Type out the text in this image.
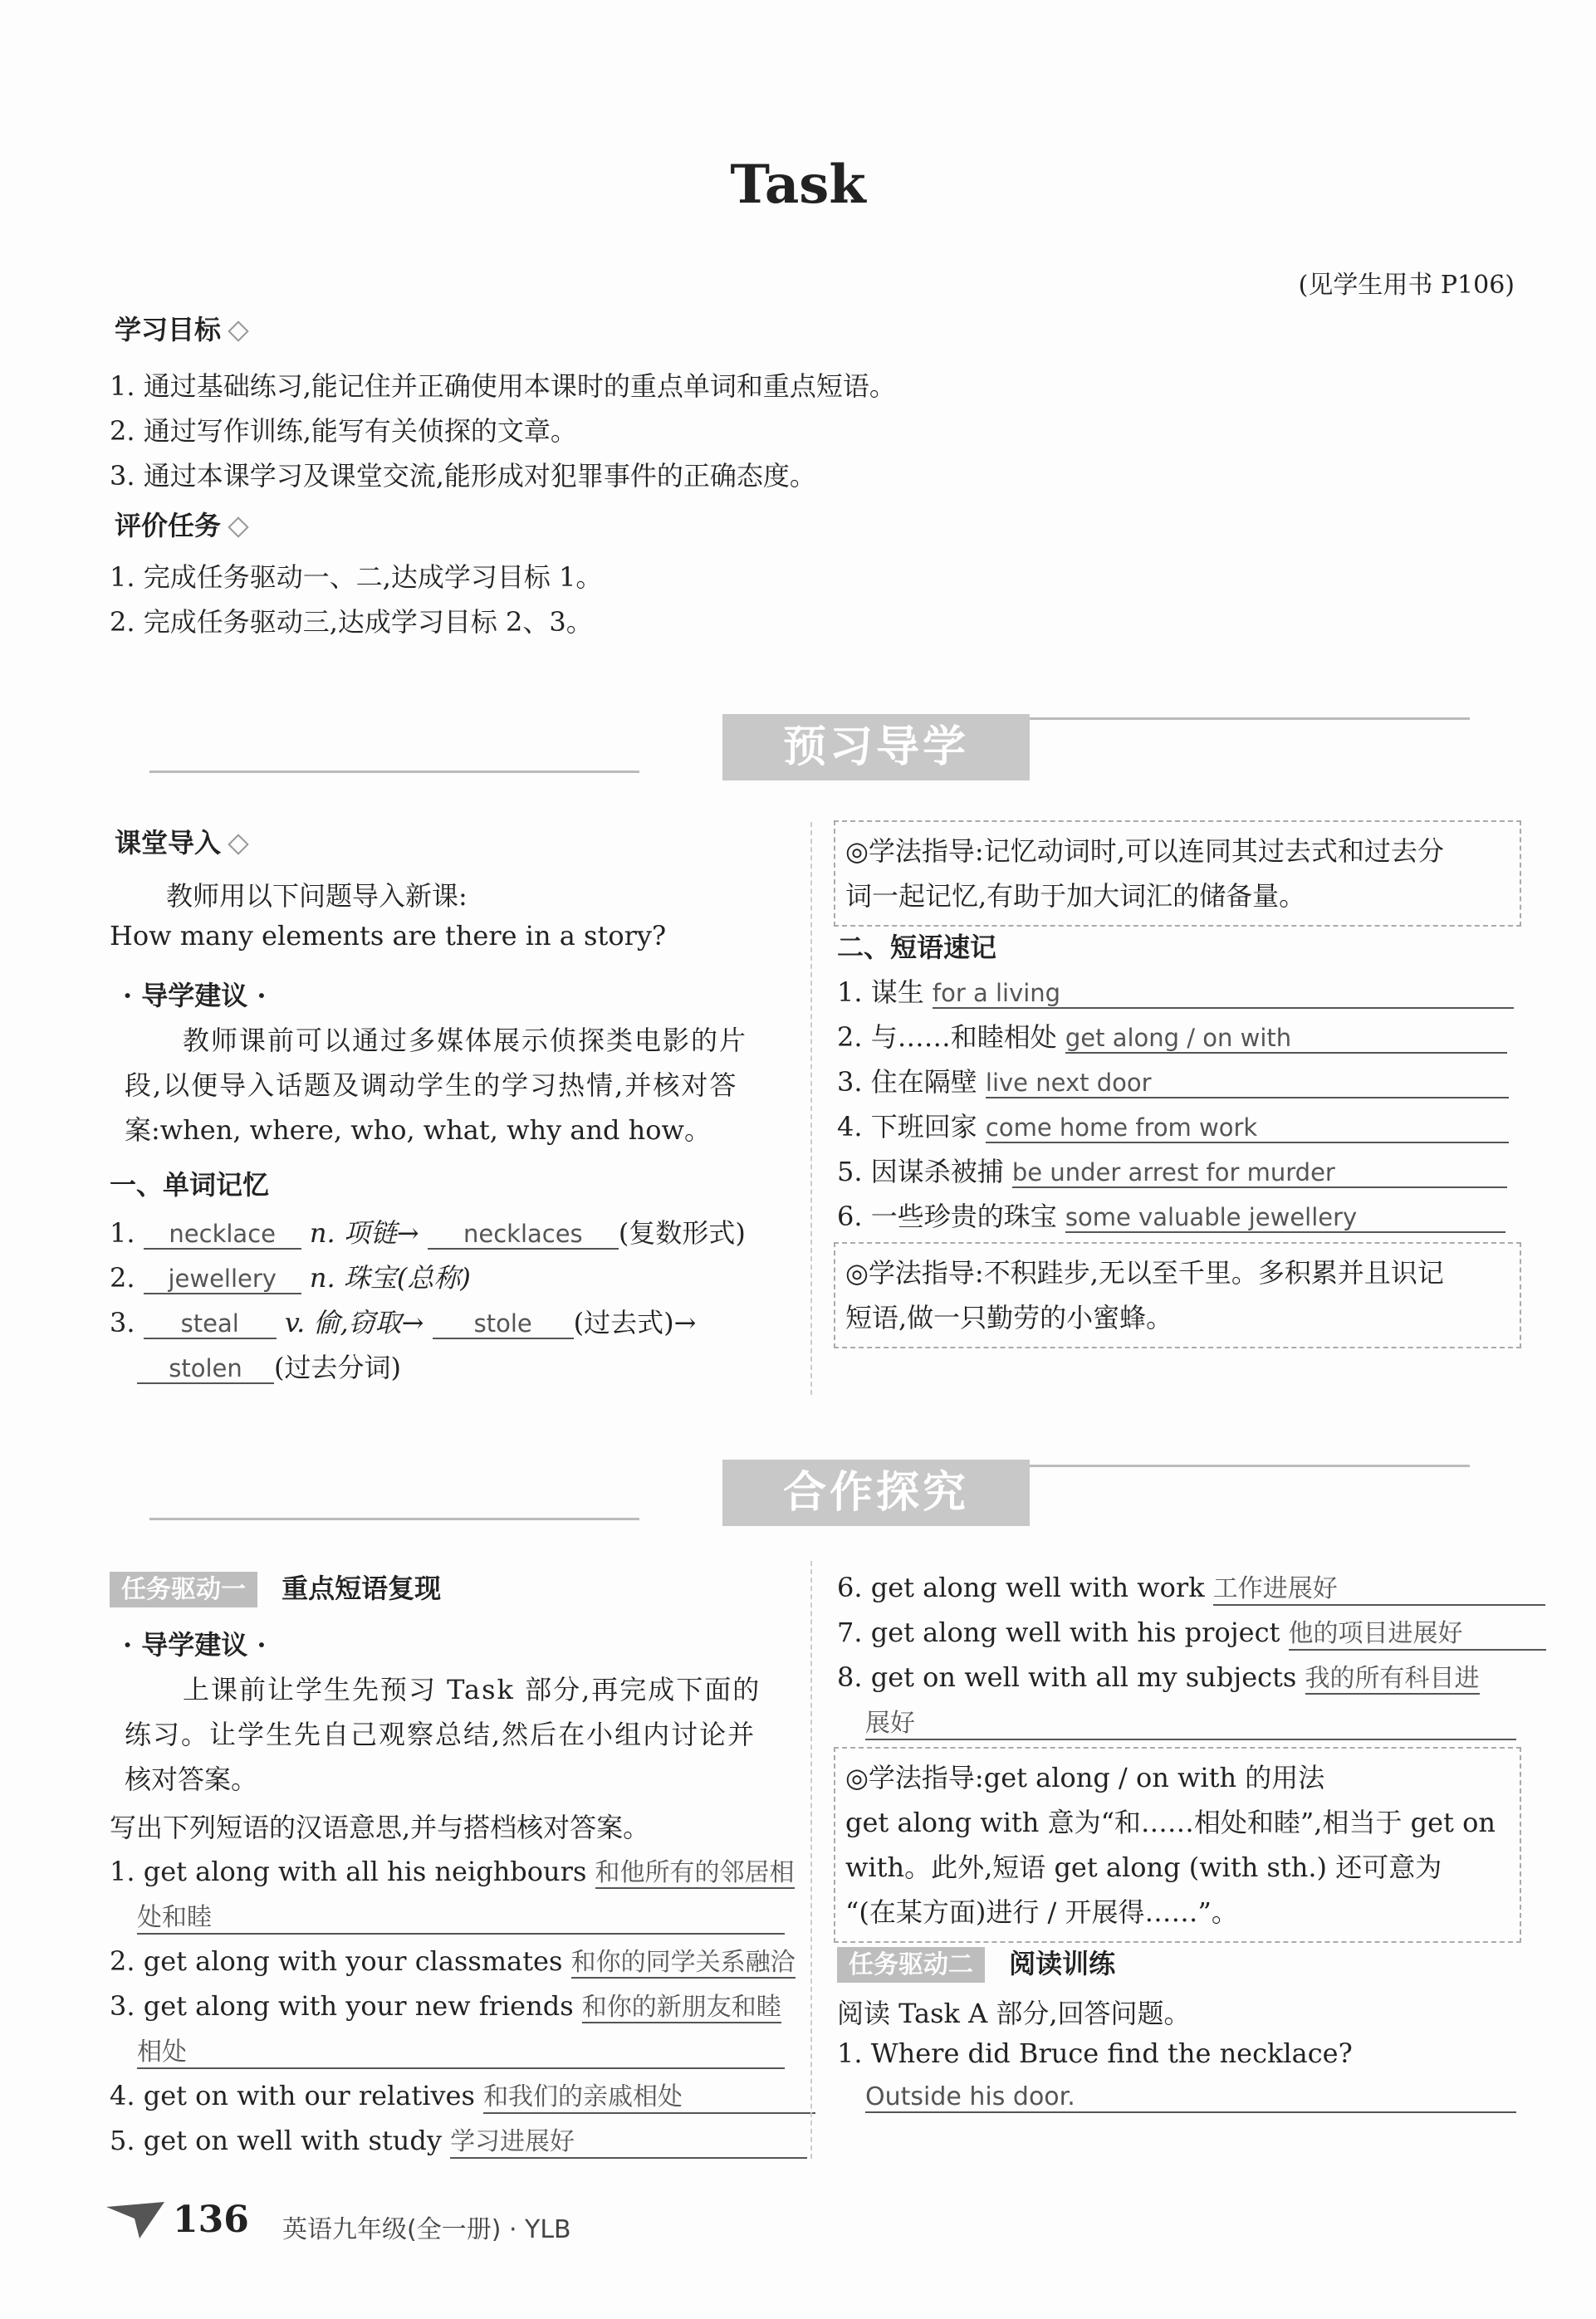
Task
(见学生用书 P106)
学习目标
1. 通过基础练习,能记住并正确使用本课时的重点单词和重点短语。
2. 通过写作训练,能写有关侦探的文章。
3. 通过本课学习及课堂交流,能形成对犯罪事件的正确态度。
评价任务
1. 完成任务驱动一、二,达成学习目标 1。
2. 完成任务驱动三,达成学习目标 2、3。
预习导学
课堂导入
教师用以下问题导入新课:
How many elements are there in a story?
· 导学建议 ·
教师课前可以通过多媒体展示侦探类电影的片
段,以便导入话题及调动学生的学习热情,并核对答
案:when, where, who, what, why and how。
一、单词记忆
1. necklace n. 项链→ necklaces (复数形式)
2. jewellery n. 珠宝(总称)
3. steal v. 偷,窃取→ stole (过去式)→
stolen (过去分词)
◎学法指导:记忆动词时,可以连同其过去式和过去分
词一起记忆,有助于加大词汇的储备量。
二、短语速记
1. 谋生 for a living
2. 与……和睦相处 get along / on with
3. 住在隔壁 live next door
4. 下班回家 come home from work
5. 因谋杀被捕 be under arrest for murder
6. 一些珍贵的珠宝 some valuable jewellery
◎学法指导:不积跬步,无以至千里。多积累并且识记
短语,做一只勤劳的小蜜蜂。
合作探究
任务驱动一 重点短语复现
· 导学建议 ·
上课前让学生先预习 Task 部分,再完成下面的
练习。让学生先自己观察总结,然后在小组内讨论并
核对答案。
写出下列短语的汉语意思,并与搭档核对答案。
1. get along with all his neighbours 和他所有的邻居相
处和睦
2. get along with your classmates 和你的同学关系融洽
3. get along with your new friends 和你的新朋友和睦
相处
4. get on with our relatives 和我们的亲戚相处
5. get on well with study 学习进展好
6. get along well with work 工作进展好
7. get along well with his project 他的项目进展好
8. get on well with all my subjects 我的所有科目进
展好
◎学法指导:get along / on with 的用法
get along with 意为“和……相处和睦”,相当于 get on
with。此外,短语 get along (with sth.) 还可意为
“(在某方面)进行 / 开展得……”。
任务驱动二 阅读训练
阅读 Task A 部分,回答问题。
1. Where did Bruce find the necklace?
Outside his door.
136 英语九年级(全一册) · YLB
